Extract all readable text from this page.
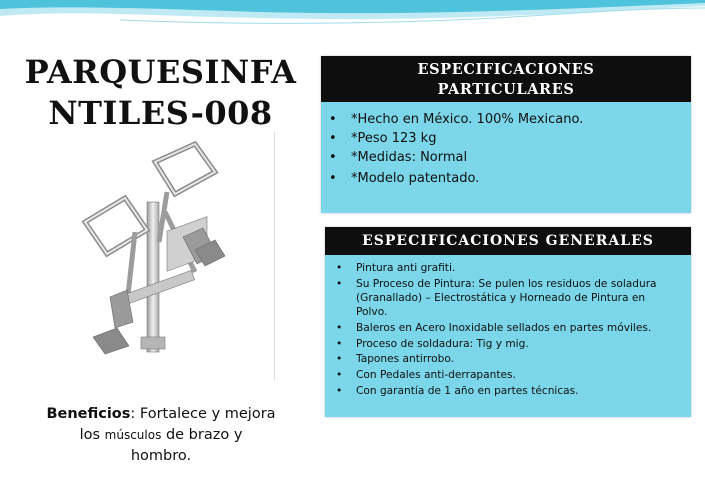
PARQUESINFA
NTILES-008
Beneficios: Fortalece y mejora
los músculos de brazo y
hombro.
ESPECIFICACIONES
PARTICULARES
• *Hecho en México. 100% Mexicano.
• *Peso 123 kg
• *Medidas: Normal
• *Modelo patentado.
ESPECIFICACIONES GENERALES
• Pintura anti grafiti.
• Su Proceso de Pintura: Se pulen los residuos de soladura (Granallado) – Electrostática y Horneado de Pintura en Polvo.
• Baleros en Acero Inoxidable sellados en partes móviles.
• Proceso de soldadura: Tig y mig.
• Tapones antirrobo.
• Con Pedales anti-derrapantes.
• Con garantía de 1 año en partes técnicas.
